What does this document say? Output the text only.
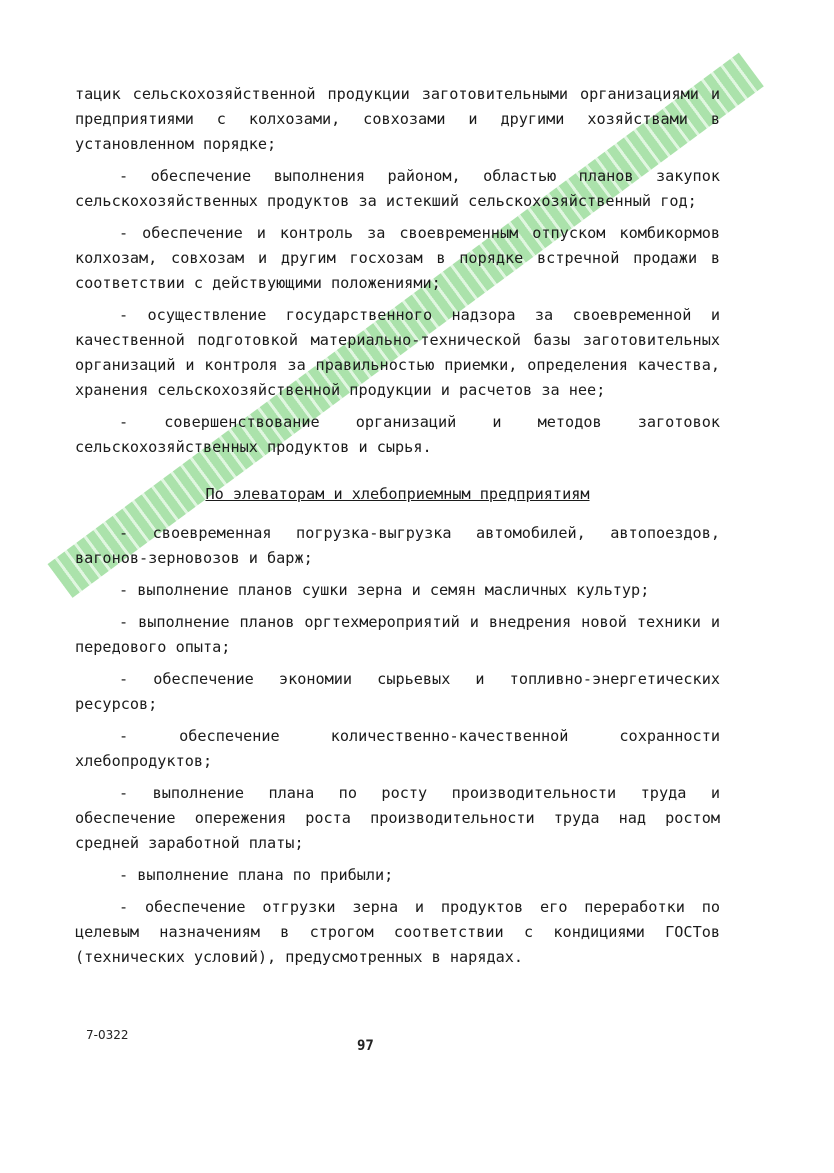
тацик сельскохозяйственной продукции заготовительными организациями и предприятиями с колхозами, совхозами и другими хозяйствами в установленном порядке;

- обеспечение выполнения районом, областью планов закупок сельскохозяйственных продуктов за истекший сельскохозяйственный год;

- обеспечение и контроль за своевременным отпуском комбикормов колхозам, совхозам и другим госхозам в порядке встречной продажи в соответствии с действующими положениями;

- осуществление государственного надзора за своевременной и качественной подготовкой материально-технической базы заготовительных организаций и контроля за правильностью приемки, определения качества, хранения сельскохозяйственной продукции и расчетов за нее;

- совершенствование организаций и методов заготовок сельскохозяйственных продуктов и сырья.

По элеваторам и хлебоприемным предприятиям

- своевременная погрузка-выгрузка автомобилей, автопоездов, вагонов-зерновозов и барж;

- выполнение планов сушки зерна и семян масличных культур;

- выполнение планов оргтехмероприятий и внедрения новой техники и передового опыта;

- обеспечение экономии сырьевых и топливно-энергетических ресурсов;

- обеспечение количественно-качественной сохранности хлебопродуктов;

- выполнение плана по росту производительности труда и обеспечение опережения роста производительности труда над ростом средней заработной платы;

- выполнение плана по прибыли;

- обеспечение отгрузки зерна и продуктов его переработки по целевым назначениям в строгом соответствии с кондициями ГОСТов (технических условий), предусмотренных в нарядах.

7-0322
97
